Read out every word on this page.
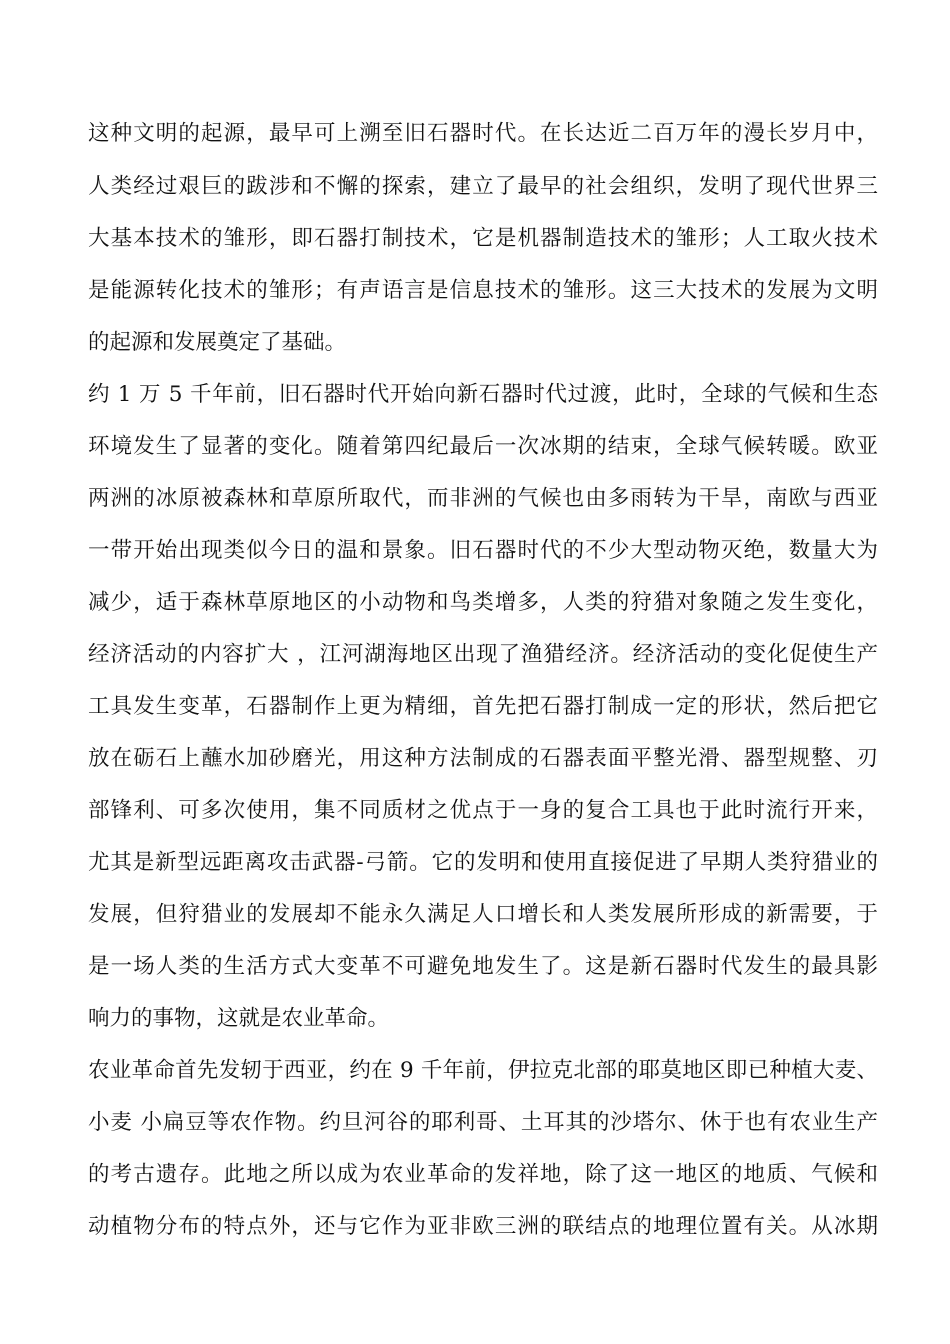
这种文明的起源，最早可上溯至旧石器时代。在长达近二百万年的漫长岁月中，
人类经过艰巨的跋涉和不懈的探索，建立了最早的社会组织，发明了现代世界三
大基本技术的雏形，即石器打制技术，它是机器制造技术的雏形；人工取火技术
是能源转化技术的雏形；有声语言是信息技术的雏形。这三大技术的发展为文明
的起源和发展奠定了基础。
约 1 万 5 千年前，旧石器时代开始向新石器时代过渡，此时，全球的气候和生态
环境发生了显著的变化。随着第四纪最后一次冰期的结束，全球气候转暖。欧亚
两洲的冰原被森林和草原所取代，而非洲的气候也由多雨转为干旱，南欧与西亚
一带开始出现类似今日的温和景象。旧石器时代的不少大型动物灭绝，数量大为
减少，适于森林草原地区的小动物和鸟类增多，人类的狩猎对象随之发生变化，
经济活动的内容扩大 ，江河湖海地区出现了渔猎经济。经济活动的变化促使生产
工具发生变革，石器制作上更为精细，首先把石器打制成一定的形状，然后把它
放在砺石上蘸水加砂磨光，用这种方法制成的石器表面平整光滑、器型规整、刃
部锋利、可多次使用，集不同质材之优点于一身的复合工具也于此时流行开来，
尤其是新型远距离攻击武器-弓箭。它的发明和使用直接促进了早期人类狩猎业的
发展，但狩猎业的发展却不能永久满足人口增长和人类发展所形成的新需要，于
是一场人类的生活方式大变革不可避免地发生了。这是新石器时代发生的最具影
响力的事物，这就是农业革命。
农业革命首先发轫于西亚，约在 9 千年前，伊拉克北部的耶莫地区即已种植大麦、
小麦 小扁豆等农作物。约旦河谷的耶利哥、土耳其的沙塔尔、休于也有农业生产
的考古遗存。此地之所以成为农业革命的发祥地，除了这一地区的地质、气候和
动植物分布的特点外，还与它作为亚非欧三洲的联结点的地理位置有关。从冰期
